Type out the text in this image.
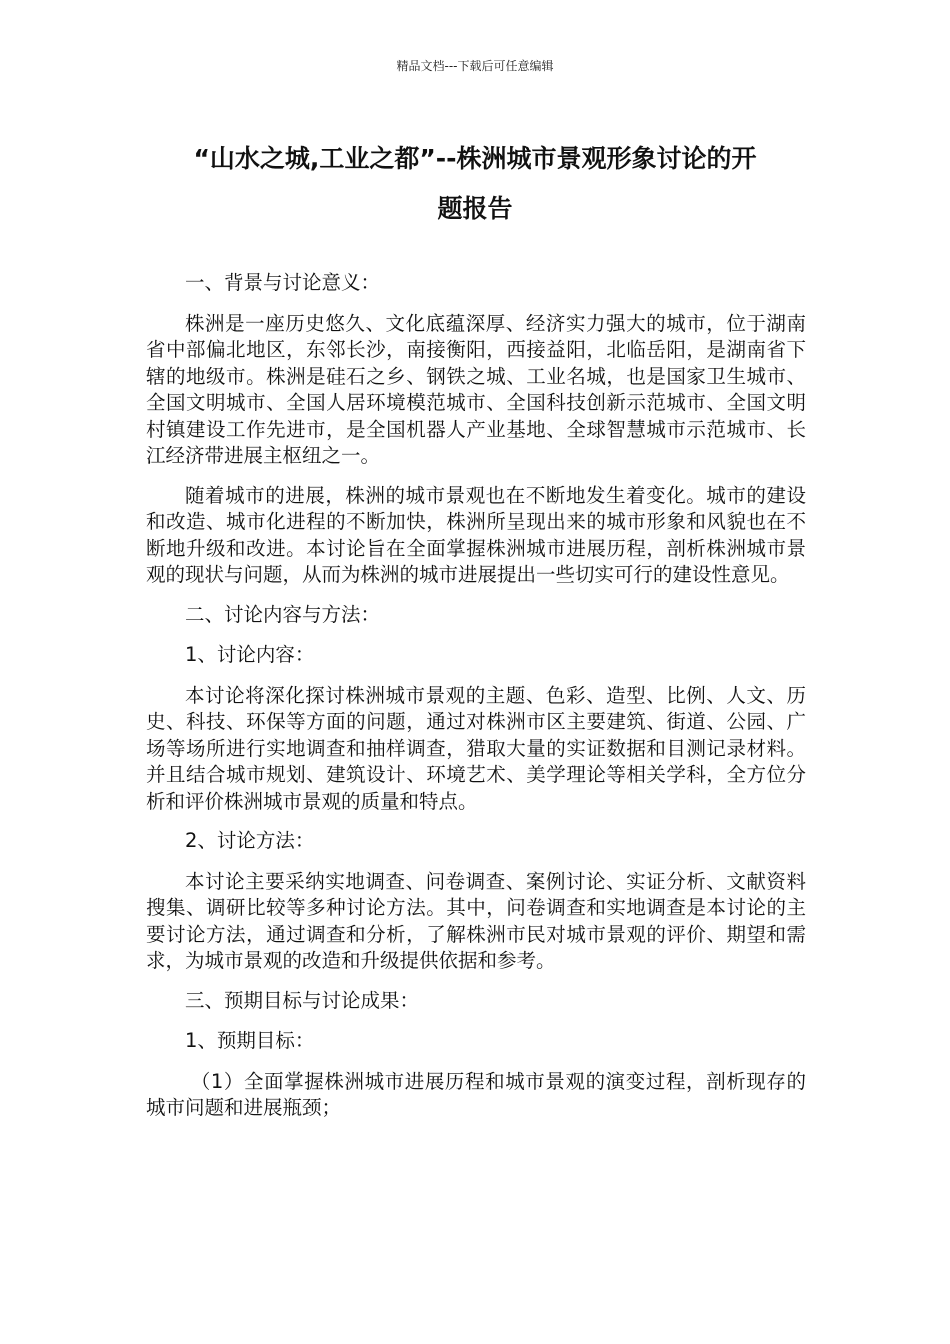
精品文档---下载后可任意编辑
“山水之城,工业之都”--株洲城市景观形象讨论的开
题报告

一、背景与讨论意义：

株洲是一座历史悠久、文化底蕴深厚、经济实力强大的城市，位于湖南省中部偏北地区，东邻长沙，南接衡阳，西接益阳，北临岳阳，是湖南省下辖的地级市。株洲是硅石之乡、钢铁之城、工业名城，也是国家卫生城市、全国文明城市、全国人居环境模范城市、全国科技创新示范城市、全国文明村镇建设工作先进市，是全国机器人产业基地、全球智慧城市示范城市、长江经济带进展主枢纽之一。

随着城市的进展，株洲的城市景观也在不断地发生着变化。城市的建设和改造、城市化进程的不断加快，株洲所呈现出来的城市形象和风貌也在不断地升级和改进。本讨论旨在全面掌握株洲城市进展历程，剖析株洲城市景观的现状与问题，从而为株洲的城市进展提出一些切实可行的建设性意见。

二、讨论内容与方法：

1、讨论内容：

本讨论将深化探讨株洲城市景观的主题、色彩、造型、比例、人文、历史、科技、环保等方面的问题，通过对株洲市区主要建筑、街道、公园、广场等场所进行实地调查和抽样调查，猎取大量的实证数据和目测记录材料。并且结合城市规划、建筑设计、环境艺术、美学理论等相关学科，全方位分析和评价株洲城市景观的质量和特点。

2、讨论方法：

本讨论主要采纳实地调查、问卷调查、案例讨论、实证分析、文献资料搜集、调研比较等多种讨论方法。其中，问卷调查和实地调查是本讨论的主要讨论方法，通过调查和分析，了解株洲市民对城市景观的评价、期望和需求，为城市景观的改造和升级提供依据和参考。

三、预期目标与讨论成果：

1、预期目标：

（1）全面掌握株洲城市进展历程和城市景观的演变过程，剖析现存的城市问题和进展瓶颈；
